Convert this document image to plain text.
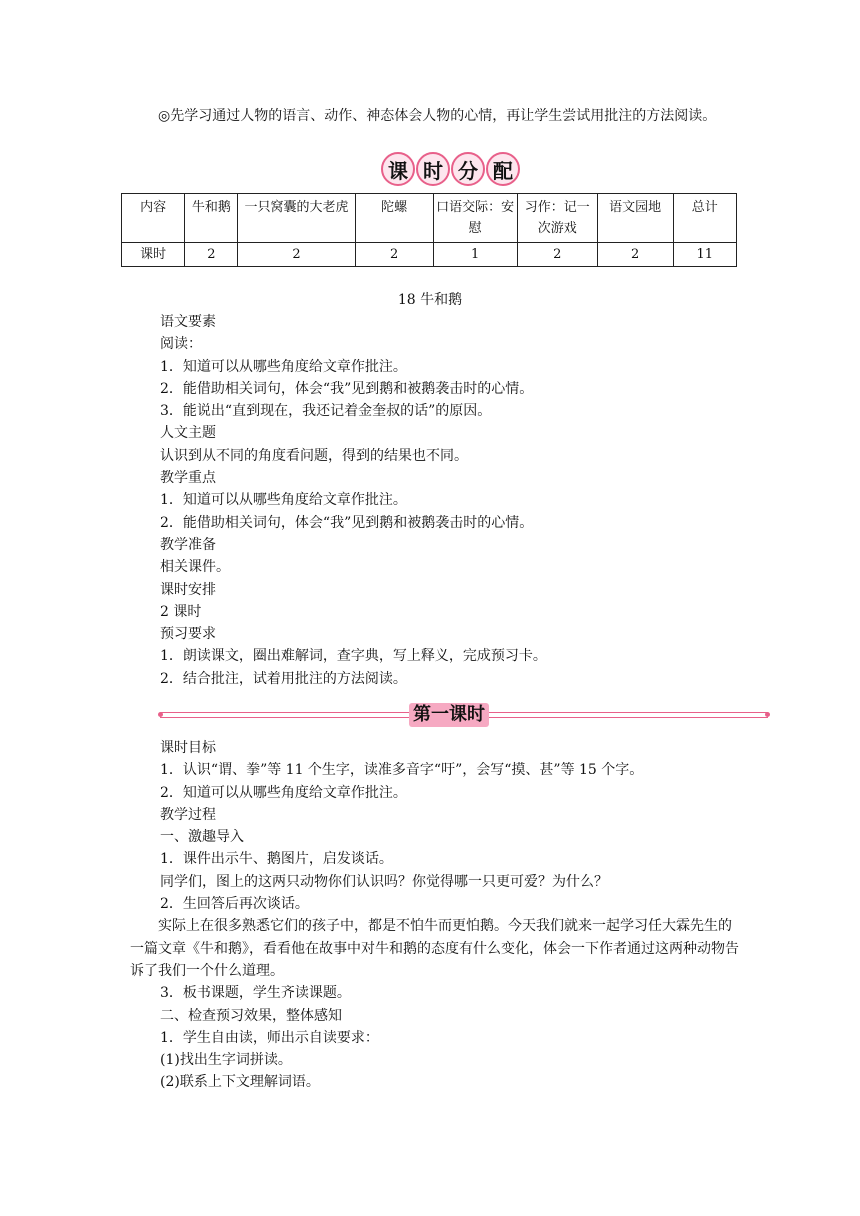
◎先学习通过人物的语言、动作、神态体会人物的心情，再让学生尝试用批注的方法阅读。

课 时 分 配
内容	牛和鹅	一只窝囊的大老虎	陀螺	口语交际：安慰	习作：记一次游戏	语文园地	总计
课时	2	2	2	1	2	2	11

18 牛和鹅

语文要素
阅读：
1．知道可以从哪些角度给文章作批注。
2．能借助相关词句，体会“我”见到鹅和被鹅袭击时的心情。
3．能说出“直到现在，我还记着金奎叔的话”的原因。
人文主题
认识到从不同的角度看问题，得到的结果也不同。
教学重点
1．知道可以从哪些角度给文章作批注。
2．能借助相关词句，体会“我”见到鹅和被鹅袭击时的心情。
教学准备
相关课件。
课时安排
2 课时
预习要求
1．朗读课文，圈出难解词，查字典，写上释义，完成预习卡。
2．结合批注，试着用批注的方法阅读。
第一课时
课时目标
1．认识“谓、拳”等 11 个生字，读准多音字“吁”，会写“摸、甚”等 15 个字。
2．知道可以从哪些角度给文章作批注。
教学过程
一、激趣导入
1．课件出示牛、鹅图片，启发谈话。
同学们，图上的这两只动物你们认识吗？你觉得哪一只更可爱？为什么？
2．生回答后再次谈话。

实际上在很多熟悉它们的孩子中，都是不怕牛而更怕鹅。今天我们就来一起学习任大霖先生的一篇文章《牛和鹅》，看看他在故事中对牛和鹅的态度有什么变化，体会一下作者通过这两种动物告诉了我们一个什么道理。

3．板书课题，学生齐读课题。
二、检查预习效果，整体感知
1．学生自由读，师出示自读要求：
(1)找出生字词拼读。
(2)联系上下文理解词语。
